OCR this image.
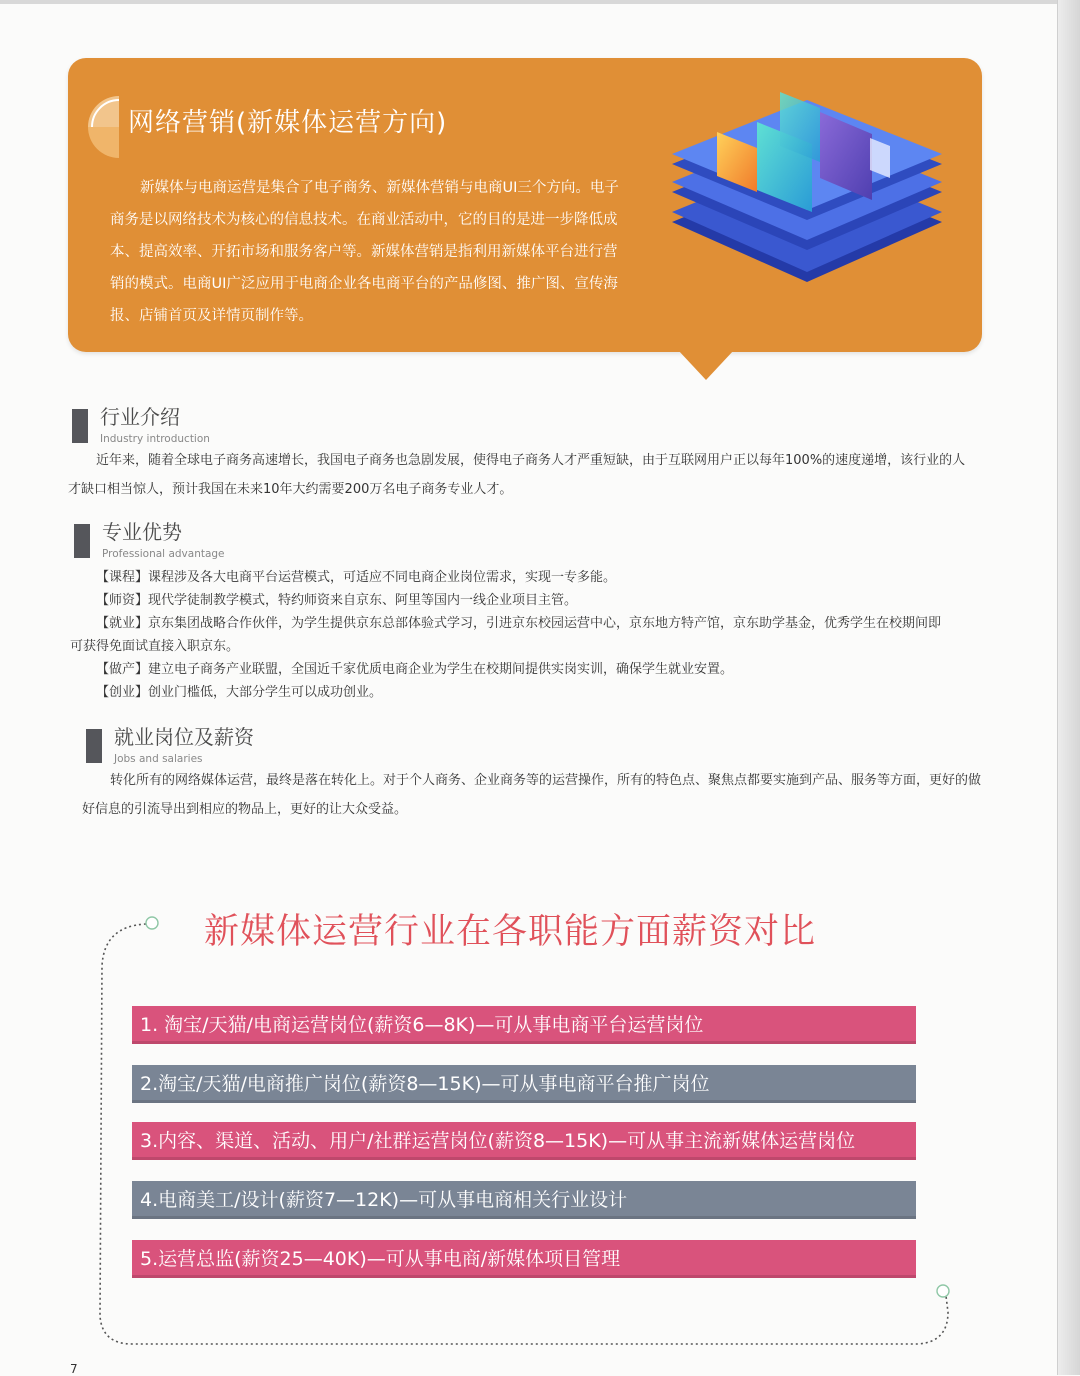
网络营销(新媒体运营方向)
新媒体与电商运营是集合了电子商务、新媒体营销与电商UI三个方向。电子商务是以网络技术为核心的信息技术。在商业活动中，它的目的是进一步降低成本、提高效率、开拓市场和服务客户等。新媒体营销是指利用新媒体平台进行营销的模式。电商UI广泛应用于电商企业各电商平台的产品修图、推广图、宣传海报、店铺首页及详情页制作等。
行业介绍
Industry introduction

近年来，随着全球电子商务高速增长，我国电子商务也急剧发展，使得电子商务人才严重短缺，由于互联网用户正以每年100%的速度递增，该行业的人才缺口相当惊人，预计我国在未来10年大约需要200万名电子商务专业人才。

专业优势
Professional advantage
【课程】课程涉及各大电商平台运营模式，可适应不同电商企业岗位需求，实现一专多能。
【师资】现代学徒制教学模式，特约师资来自京东、阿里等国内一线企业项目主管。
【就业】京东集团战略合作伙伴，为学生提供京东总部体验式学习，引进京东校园运营中心，京东地方特产馆，京东助学基金，优秀学生在校期间即
可获得免面试直接入职京东。
【做产】建立电子商务产业联盟，全国近千家优质电商企业为学生在校期间提供实岗实训，确保学生就业安置。
【创业】创业门槛低，大部分学生可以成功创业。
就业岗位及薪资
Jobs and salaries

转化所有的网络媒体运营，最终是落在转化上。对于个人商务、企业商务等的运营操作，所有的特色点、聚焦点都要实施到产品、服务等方面，更好的做好信息的引流导出到相应的物品上，更好的让大众受益。

新媒体运营行业在各职能方面薪资对比
1. 淘宝/天猫/电商运营岗位(薪资6—8K)—可从事电商平台运营岗位
2.淘宝/天猫/电商推广岗位(薪资8—15K)—可从事电商平台推广岗位
3.内容、渠道、活动、用户/社群运营岗位(薪资8—15K)—可从事主流新媒体运营岗位
4.电商美工/设计(薪资7—12K)—可从事电商相关行业设计
5.运营总监(薪资25—40K)—可从事电商/新媒体项目管理
7
